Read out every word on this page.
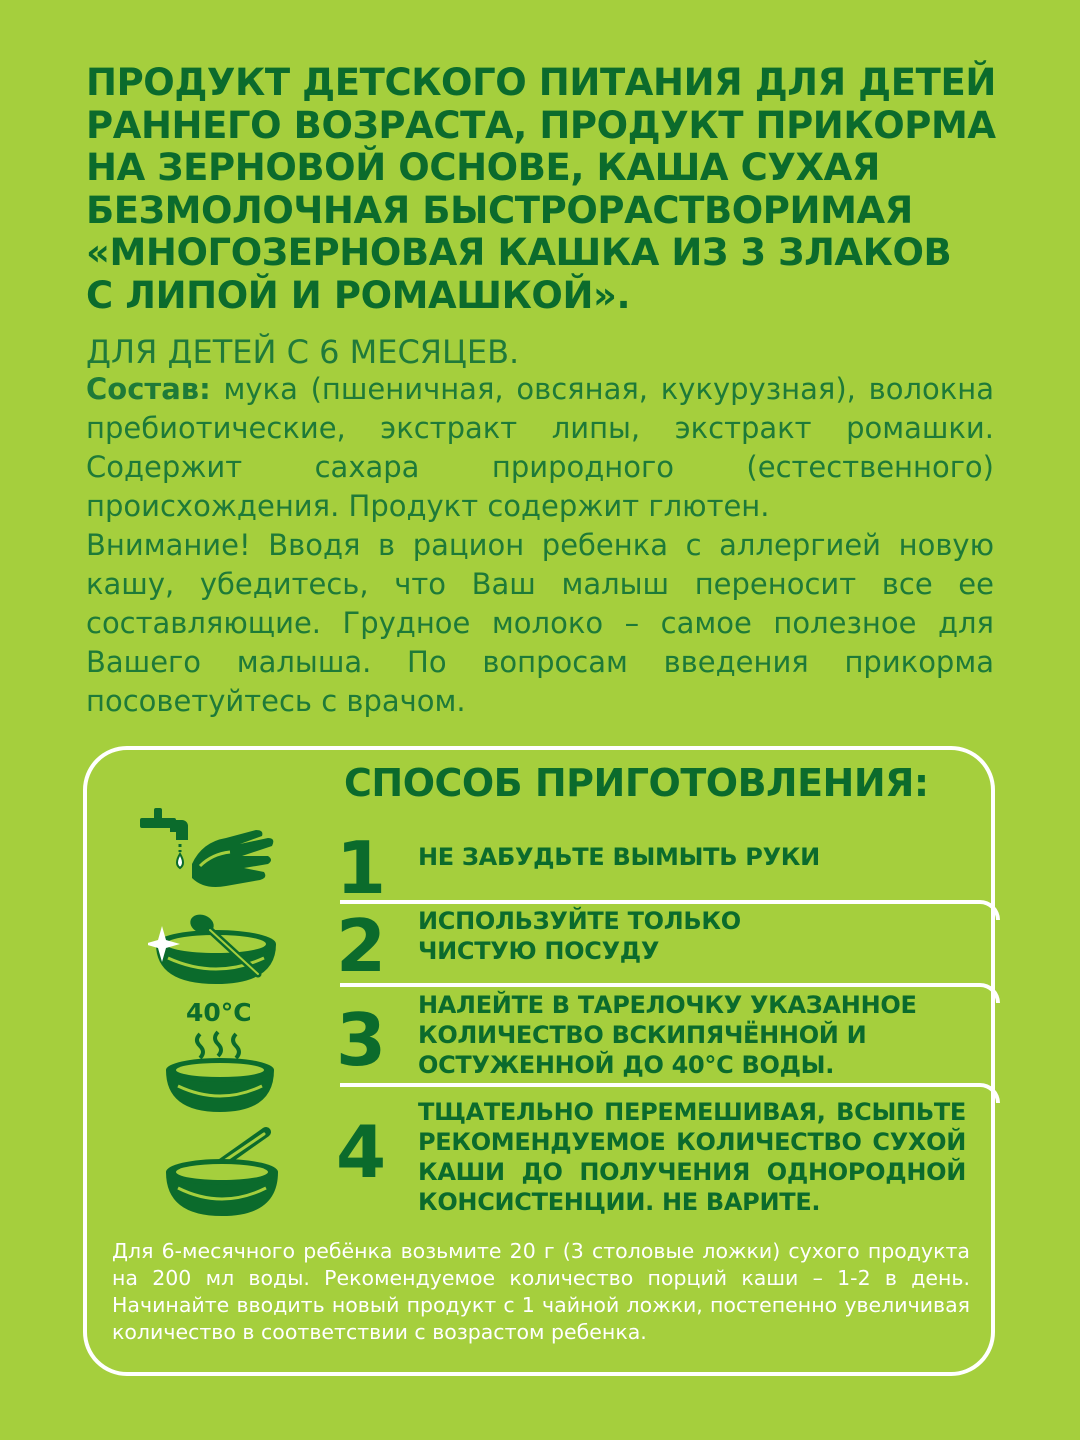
ПРОДУКТ ДЕТСКОГО ПИТАНИЯ ДЛЯ ДЕТЕЙ
РАННЕГО ВОЗРАСТА, ПРОДУКТ ПРИКОРМА
НА ЗЕРНОВОЙ ОСНОВЕ, КАША СУХАЯ
БЕЗМОЛОЧНАЯ БЫСТРОРАСТВОРИМАЯ
«МНОГОЗЕРНОВАЯ КАШКА ИЗ 3 ЗЛАКОВ
С ЛИПОЙ И РОМАШКОЙ».
ДЛЯ ДЕТЕЙ С 6 МЕСЯЦЕВ.

Состав: мука (пшеничная, овсяная, кукурузная), волокна пребиотические, экстракт липы, экстракт ромашки. Содержит сахара природного (естественного) происхождения. Продукт содержит глютен.

Внимание! Вводя в рацион ребенка с аллергией новую кашу, убедитесь, что Ваш малыш переносит все ее составляющие. Грудное молоко – самое полезное для Вашего малыша. По вопросам введения прикорма посоветуйтесь с врачом.

СПОСОБ ПРИГОТОВЛЕНИЯ:
1 НЕ ЗАБУДЬТЕ ВЫМЫТЬ РУКИ
2 ИСПОЛЬЗУЙТЕ ТОЛЬКО ЧИСТУЮ ПОСУДУ
40°С	3 НАЛЕЙТЕ В ТАРЕЛОЧКУ УКАЗАННОЕ КОЛИЧЕСТВО ВСКИПЯЧЁННОЙ И ОСТУЖЕННОЙ ДО 40°С ВОДЫ.
4 ТЩАТЕЛЬНО ПЕРЕМЕШИВАЯ, ВСЫПЬТЕ РЕКОМЕНДУЕМОЕ КОЛИЧЕСТВО СУХОЙ КАШИ ДО ПОЛУЧЕНИЯ ОДНОРОДНОЙ КОНСИСТЕНЦИИ. НЕ ВАРИТЕ.
Для 6-месячного ребёнка возьмите 20 г (3 столовые ложки) сухого продукта на 200 мл воды. Рекомендуемое количество порций каши – 1-2 в день. Начинайте вводить новый продукт с 1 чайной ложки, постепенно увеличивая количество в соответствии с возрастом ребенка.
